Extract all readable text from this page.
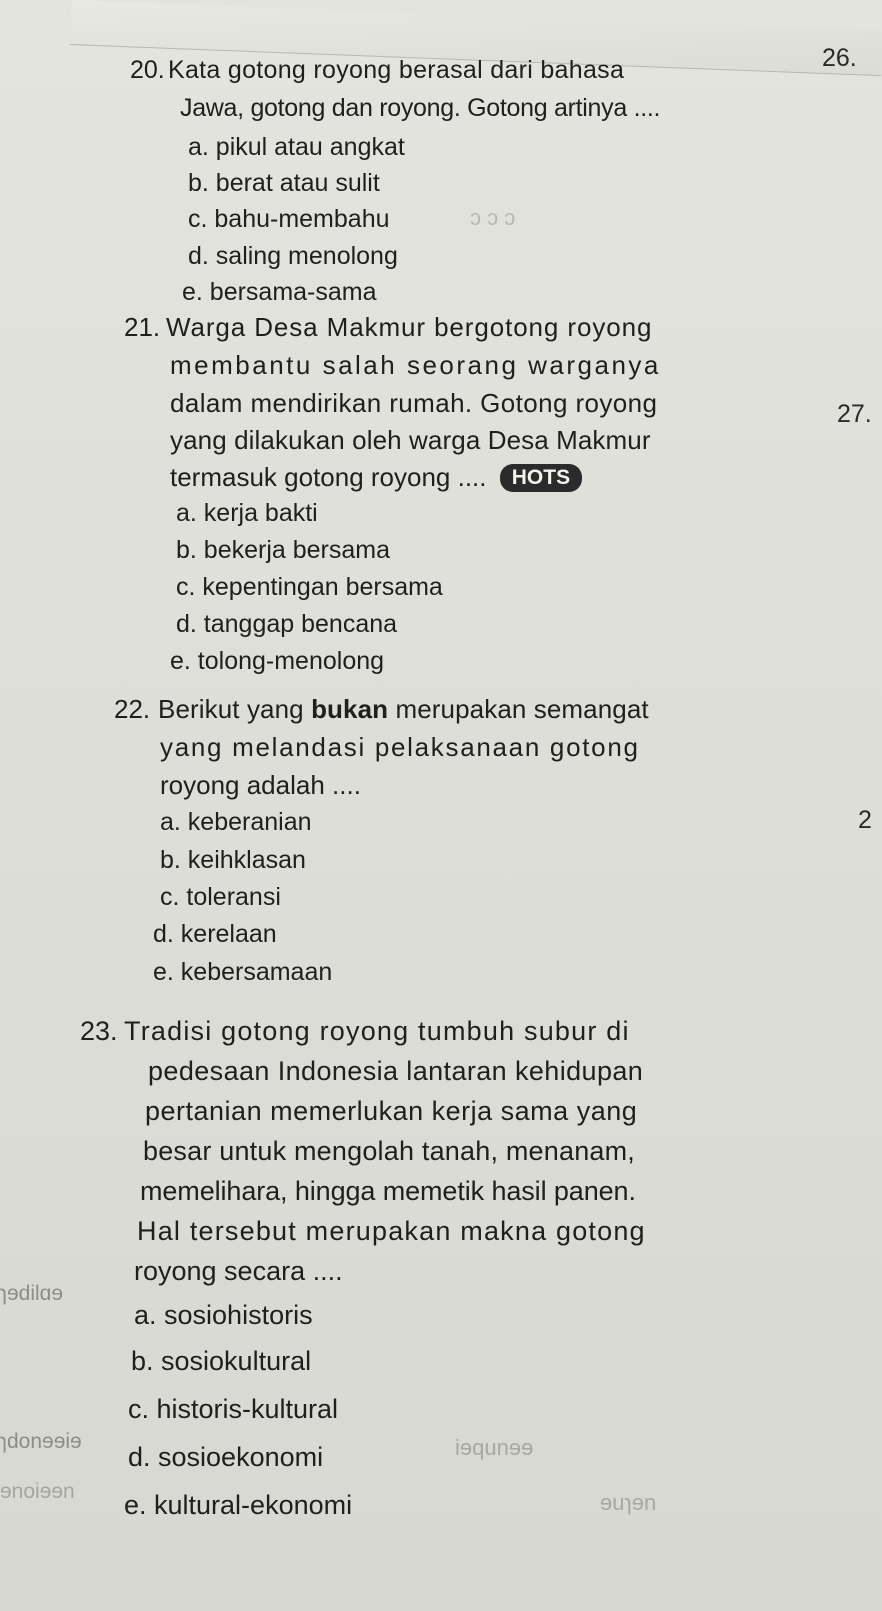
ɔ ɔ ɔ
ɿɘdilɑɘ
ɿdonɘɘiɘ
ɘnoiɘɘn
iɘqunɘɘ
ɘuɿɘn
26.
27.
2
20. Kata gotong royong berasal dari bahasa
Jawa, gotong dan royong. Gotong artinya ....
a. pikul atau angkat
b. berat atau sulit
c. bahu-membahu
d. saling menolong
e. bersama-sama
21. Warga Desa Makmur bergotong royong
membantu salah seorang warganya
dalam mendirikan rumah. Gotong royong
yang dilakukan oleh warga Desa Makmur
termasuk gotong royong .... HOTS
a. kerja bakti
b. bekerja bersama
c. kepentingan bersama
d. tanggap bencana
e. tolong-menolong
22. Berikut yang bukan merupakan semangat
yang melandasi pelaksanaan gotong
royong adalah ....
a. keberanian
b. keihklasan
c. toleransi
d. kerelaan
e. kebersamaan
23. Tradisi gotong royong tumbuh subur di
pedesaan Indonesia lantaran kehidupan
pertanian memerlukan kerja sama yang
besar untuk mengolah tanah, menanam,
memelihara, hingga memetik hasil panen.
Hal tersebut merupakan makna gotong
royong secara ....
a. sosiohistoris
b. sosiokultural
c. historis-kultural
d. sosioekonomi
e. kultural-ekonomi
